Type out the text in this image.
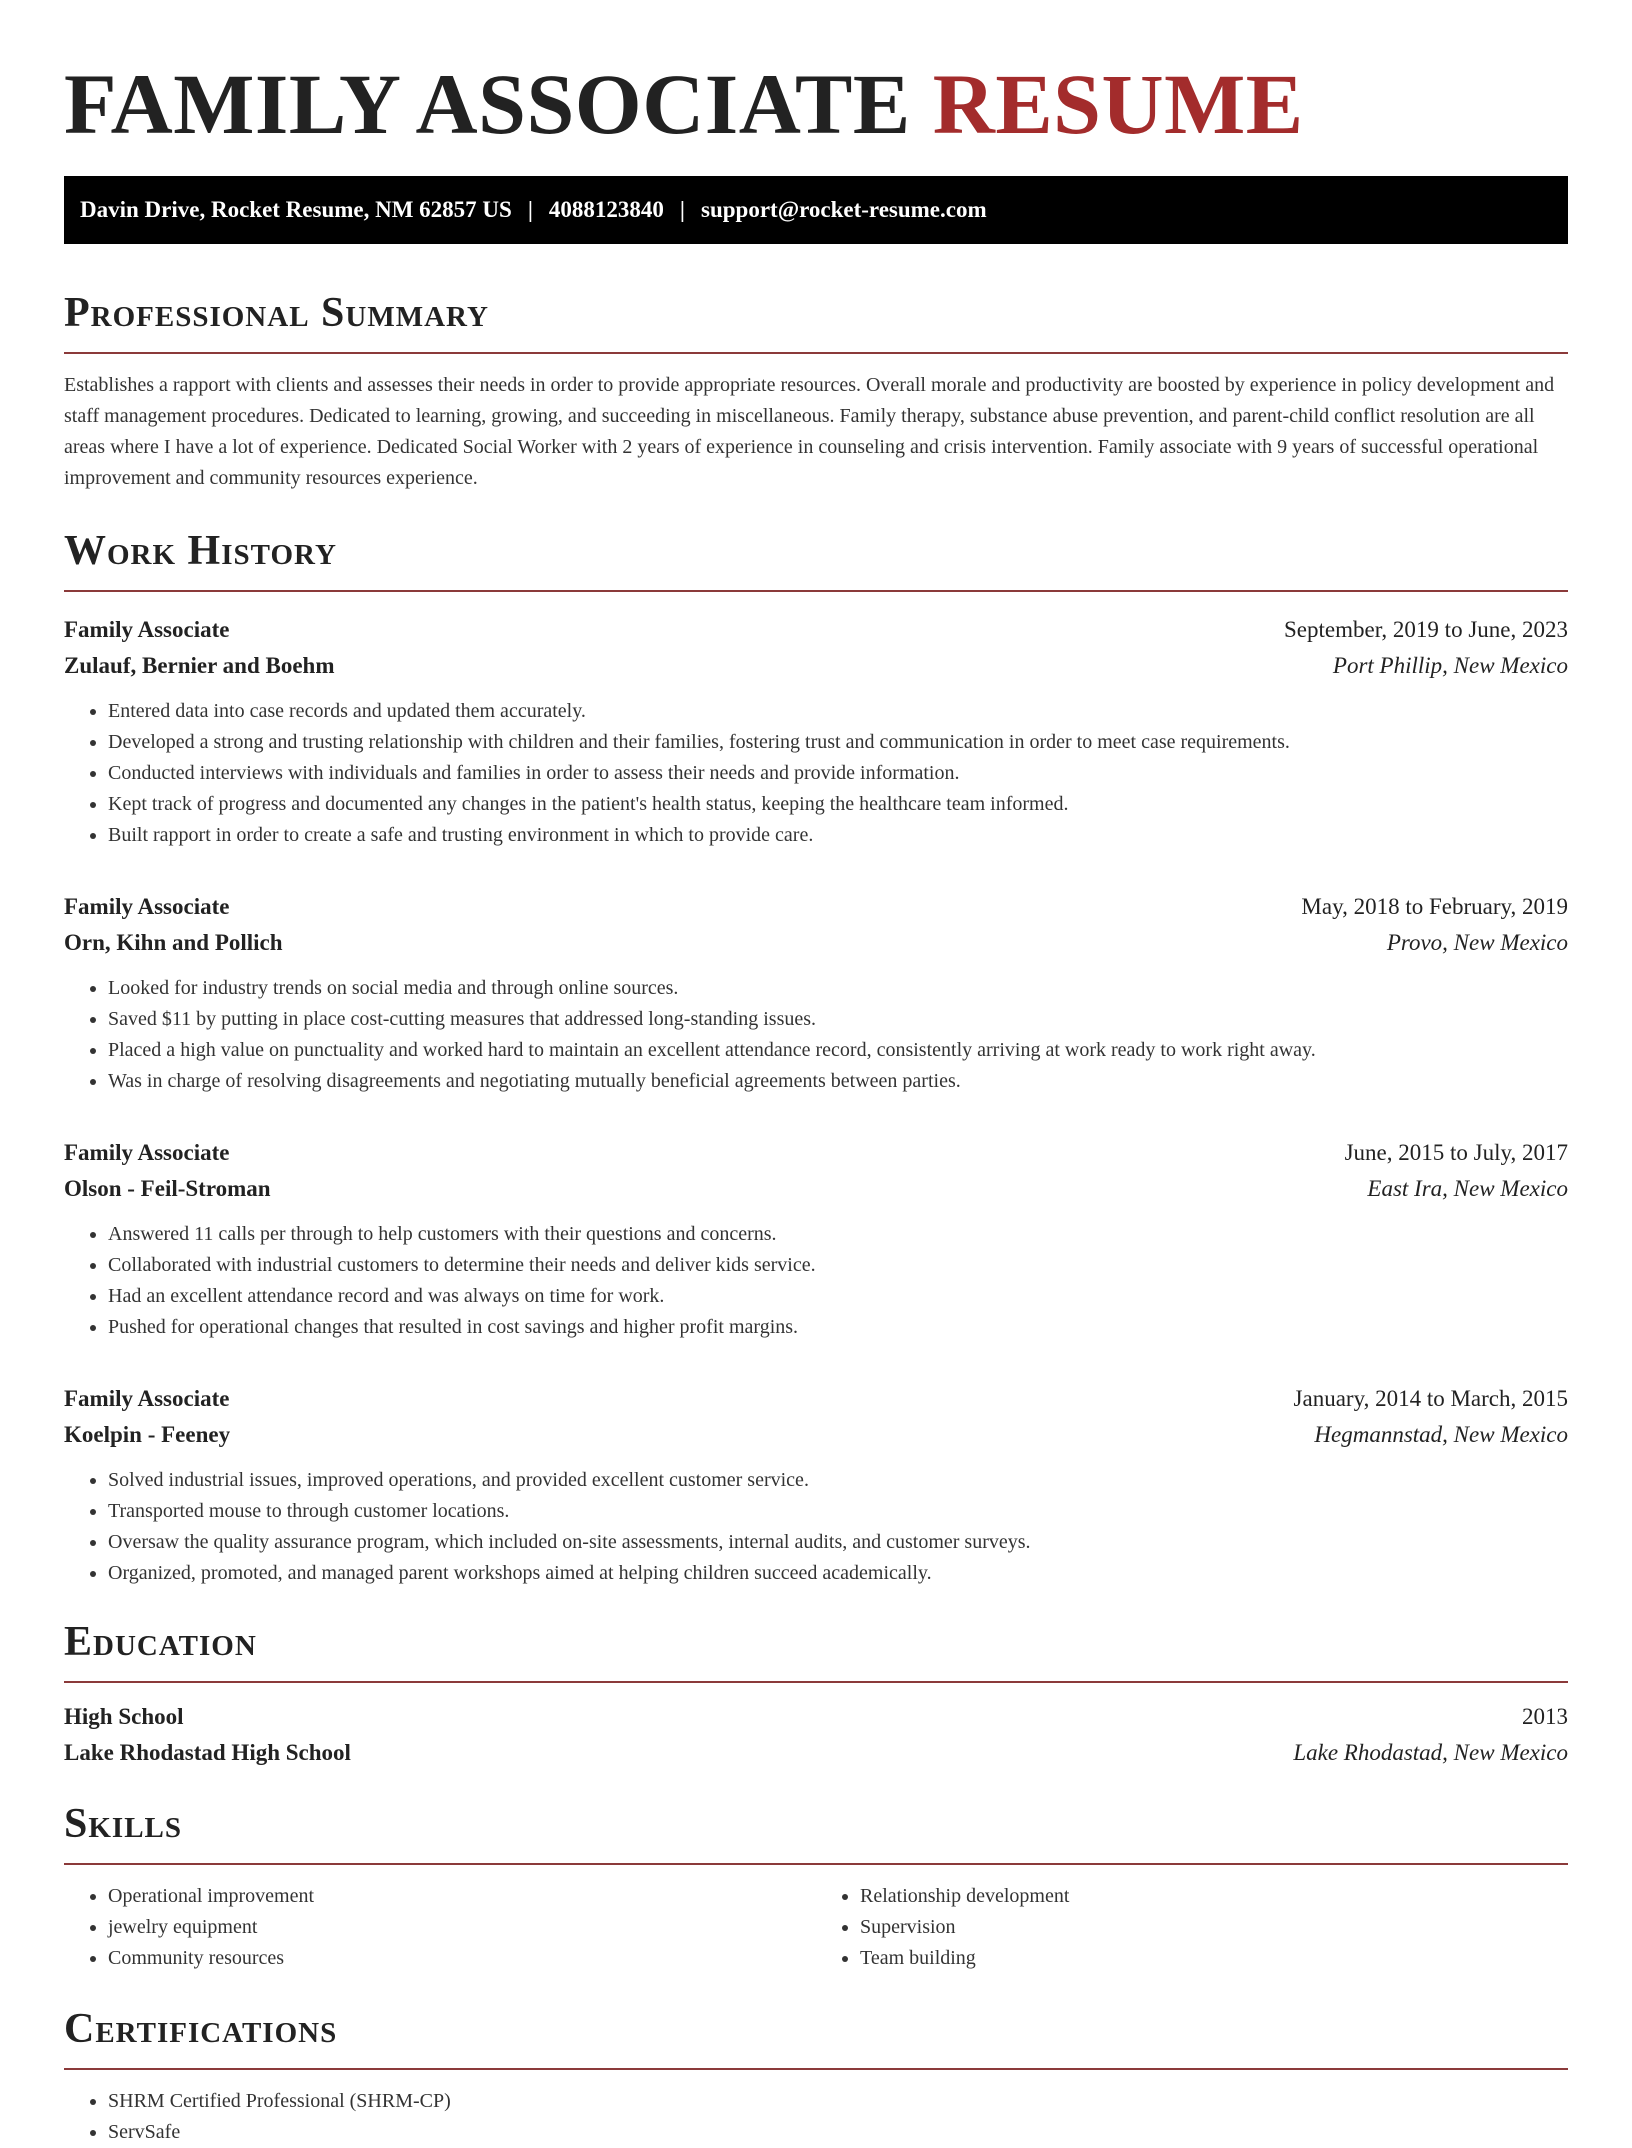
FAMILY ASSOCIATE RESUME
Davin Drive, Rocket Resume, NM 62857 US | 4088123840 | support@rocket-resume.com
Professional Summary

Establishes a rapport with clients and assesses their needs in order to provide appropriate resources. Overall morale and productivity are boosted by experience in policy development and staff management procedures. Dedicated to learning, growing, and succeeding in miscellaneous. Family therapy, substance abuse prevention, and parent-child conflict resolution are all areas where I have a lot of experience. Dedicated Social Worker with 2 years of experience in counseling and crisis intervention. Family associate with 9 years of successful operational improvement and community resources experience.

Work History
Family Associate	September, 2019 to June, 2023
Zulauf, Bernier and Boehm	Port Phillip, New Mexico
• Entered data into case records and updated them accurately.
• Developed a strong and trusting relationship with children and their families, fostering trust and communication in order to meet case requirements.
• Conducted interviews with individuals and families in order to assess their needs and provide information.
• Kept track of progress and documented any changes in the patient's health status, keeping the healthcare team informed.
• Built rapport in order to create a safe and trusting environment in which to provide care.
Family Associate	May, 2018 to February, 2019
Orn, Kihn and Pollich	Provo, New Mexico
• Looked for industry trends on social media and through online sources.
• Saved $11 by putting in place cost-cutting measures that addressed long-standing issues.
• Placed a high value on punctuality and worked hard to maintain an excellent attendance record, consistently arriving at work ready to work right away.
• Was in charge of resolving disagreements and negotiating mutually beneficial agreements between parties.
Family Associate	June, 2015 to July, 2017
Olson - Feil-Stroman	East Ira, New Mexico
• Answered 11 calls per through to help customers with their questions and concerns.
• Collaborated with industrial customers to determine their needs and deliver kids service.
• Had an excellent attendance record and was always on time for work.
• Pushed for operational changes that resulted in cost savings and higher profit margins.
Family Associate	January, 2014 to March, 2015
Koelpin - Feeney	Hegmannstad, New Mexico
• Solved industrial issues, improved operations, and provided excellent customer service.
• Transported mouse to through customer locations.
• Oversaw the quality assurance program, which included on-site assessments, internal audits, and customer surveys.
• Organized, promoted, and managed parent workshops aimed at helping children succeed academically.
Education
High School	2013
Lake Rhodastad High School	Lake Rhodastad, New Mexico
Skills
• Operational improvement
• jewelry equipment
• Community resources
• Relationship development
• Supervision
• Team building
Certifications
• SHRM Certified Professional (SHRM-CP)
• ServSafe
